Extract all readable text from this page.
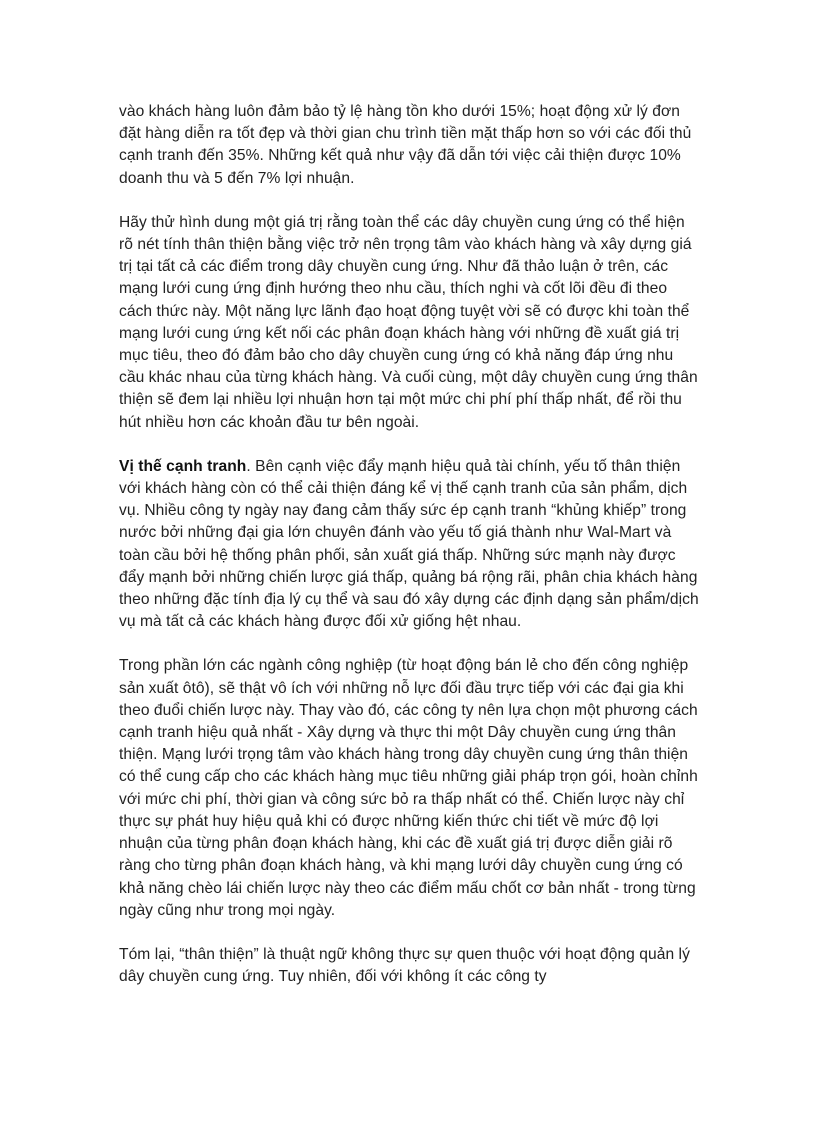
vào khách hàng luôn đảm bảo tỷ lệ hàng tồn kho dưới 15%; hoạt động xử lý đơn đặt hàng diễn ra tốt đẹp và thời gian chu trình tiền mặt thấp hơn so với các đối thủ cạnh tranh đến 35%. Những kết quả như vậy đã dẫn tới việc cải thiện được 10% doanh thu và 5 đến 7% lợi nhuận.

Hãy thử hình dung một giá trị rằng toàn thể các dây chuyền cung ứng có thể hiện rõ nét tính thân thiện bằng việc trở nên trọng tâm vào khách hàng và xây dựng giá trị tại tất cả các điểm trong dây chuyền cung ứng. Như đã thảo luận ở trên, các mạng lưới cung ứng định hướng theo nhu cầu, thích nghi và cốt lõi đều đi theo cách thức này. Một năng lực lãnh đạo hoạt động tuyệt vời sẽ có được khi toàn thể mạng lưới cung ứng kết nối các phân đoạn khách hàng với những đề xuất giá trị mục tiêu, theo đó đảm bảo cho dây chuyền cung ứng có khả năng đáp ứng nhu cầu khác nhau của từng khách hàng. Và cuối cùng, một dây chuyền cung ứng thân thiện sẽ đem lại nhiều lợi nhuận hơn tại một mức chi phí phí thấp nhất, để rồi thu hút nhiều hơn các khoản đầu tư bên ngoài.

Vị thế cạnh tranh. Bên cạnh việc đẩy mạnh hiệu quả tài chính, yếu tố thân thiện với khách hàng còn có thể cải thiện đáng kể vị thế cạnh tranh của sản phẩm, dịch vụ. Nhiều công ty ngày nay đang cảm thấy sức ép cạnh tranh “khủng khiếp” trong nước bởi những đại gia lớn chuyên đánh vào yếu tố giá thành như Wal-Mart và toàn cầu bởi hệ thống phân phối, sản xuất giá thấp. Những sức mạnh này được đẩy mạnh bởi những chiến lược giá thấp, quảng bá rộng rãi, phân chia khách hàng theo những đặc tính địa lý cụ thể và sau đó xây dựng các định dạng sản phẩm/dịch vụ mà tất cả các khách hàng được đối xử giống hệt nhau.

Trong phần lớn các ngành công nghiệp (từ hoạt động bán lẻ cho đến công nghiệp sản xuất ôtô), sẽ thật vô ích với những nỗ lực đối đầu trực tiếp với các đại gia khi theo đuổi chiến lược này. Thay vào đó, các công ty nên lựa chọn một phương cách cạnh tranh hiệu quả nhất - Xây dựng và thực thi một Dây chuyền cung ứng thân thiện. Mạng lưới trọng tâm vào khách hàng trong dây chuyền cung ứng thân thiện có thể cung cấp cho các khách hàng mục tiêu những giải pháp trọn gói, hoàn chỉnh với mức chi phí, thời gian và công sức bỏ ra thấp nhất có thể. Chiến lược này chỉ thực sự phát huy hiệu quả khi có được những kiến thức chi tiết về mức độ lợi nhuận của từng phân đoạn khách hàng, khi các đề xuất giá trị được diễn giải rõ ràng cho từng phân đoạn khách hàng, và khi mạng lưới dây chuyền cung ứng có khả năng chèo lái chiến lược này theo các điểm mấu chốt cơ bản nhất - trong từng ngày cũng như trong mọi ngày.

Tóm lại, “thân thiện” là thuật ngữ không thực sự quen thuộc với hoạt động quản lý dây chuyền cung ứng. Tuy nhiên, đối với không ít các công ty
